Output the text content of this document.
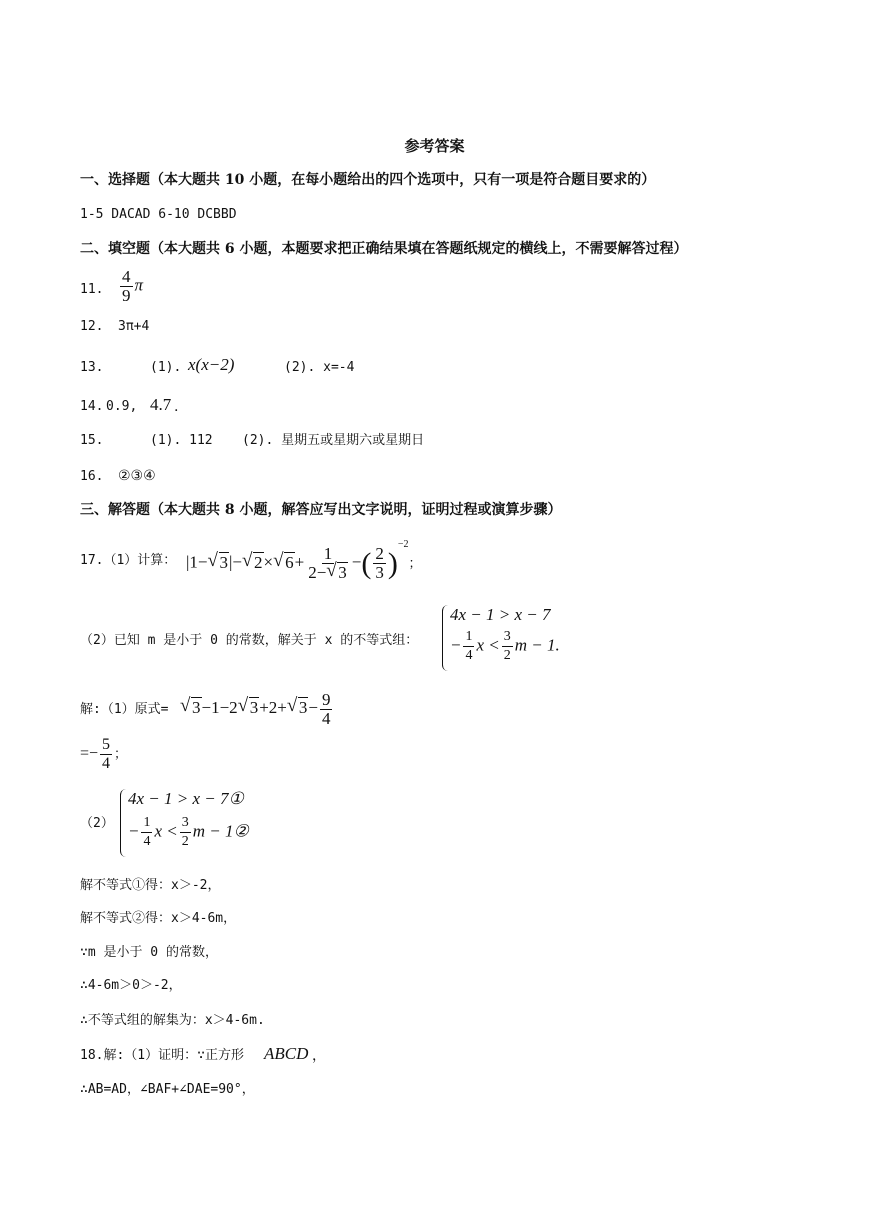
参考答案
一、选择题（本大题共 10 小题，在每小题给出的四个选项中，只有一项是符合题目要求的）
1-5 DACAD 6-10 DCBBD
二、填空题（本大题共 6 小题，本题要求把正确结果填在答题纸规定的横线上，不需要解答过程）
11. $\frac{4}{9}$ π
12. 3π+4
13.	(1). x(x−2)	(2). x=-4
14. 0.9, 4.7 .
15.	(1). 112 (2). 星期五或星期六或星期日
16. ②③④
三、解答题（本大题共 8 小题，解答应写出文字说明，证明过程或演算步骤）
17.（1）计算： |1− √ 3|− √ 2× √ $6+ \frac{1}{2- √ 3}$ −( $\frac{2}{3} )^{-2}$；
（2）已知 m 是小于 0 的常数，解关于 x 的不等式组：
4x − 1 > x − 7
− $\frac{1}{4}$ $x < \frac{3}{2}$ m − 1.
解:（1）原式=	√ 3−1−2 √ 3+2+ √ $3- \frac{9}{4}$
=− $\frac{5}{4}$ ；
（2）
4x − 1 > x − 7①
− $\frac{1}{4}$ $x < \frac{3}{2}$ m − 1②
解不等式①得：x＞-2，
解不等式②得：x＞4-6m，
∵m 是小于 0 的常数，
∴4-6m＞0＞-2，
∴不等式组的解集为：x＞4-6m.
18.解:（1）证明：∵正方形 ABCD ，
∴AB=AD，∠BAF+∠DAE=90°，
